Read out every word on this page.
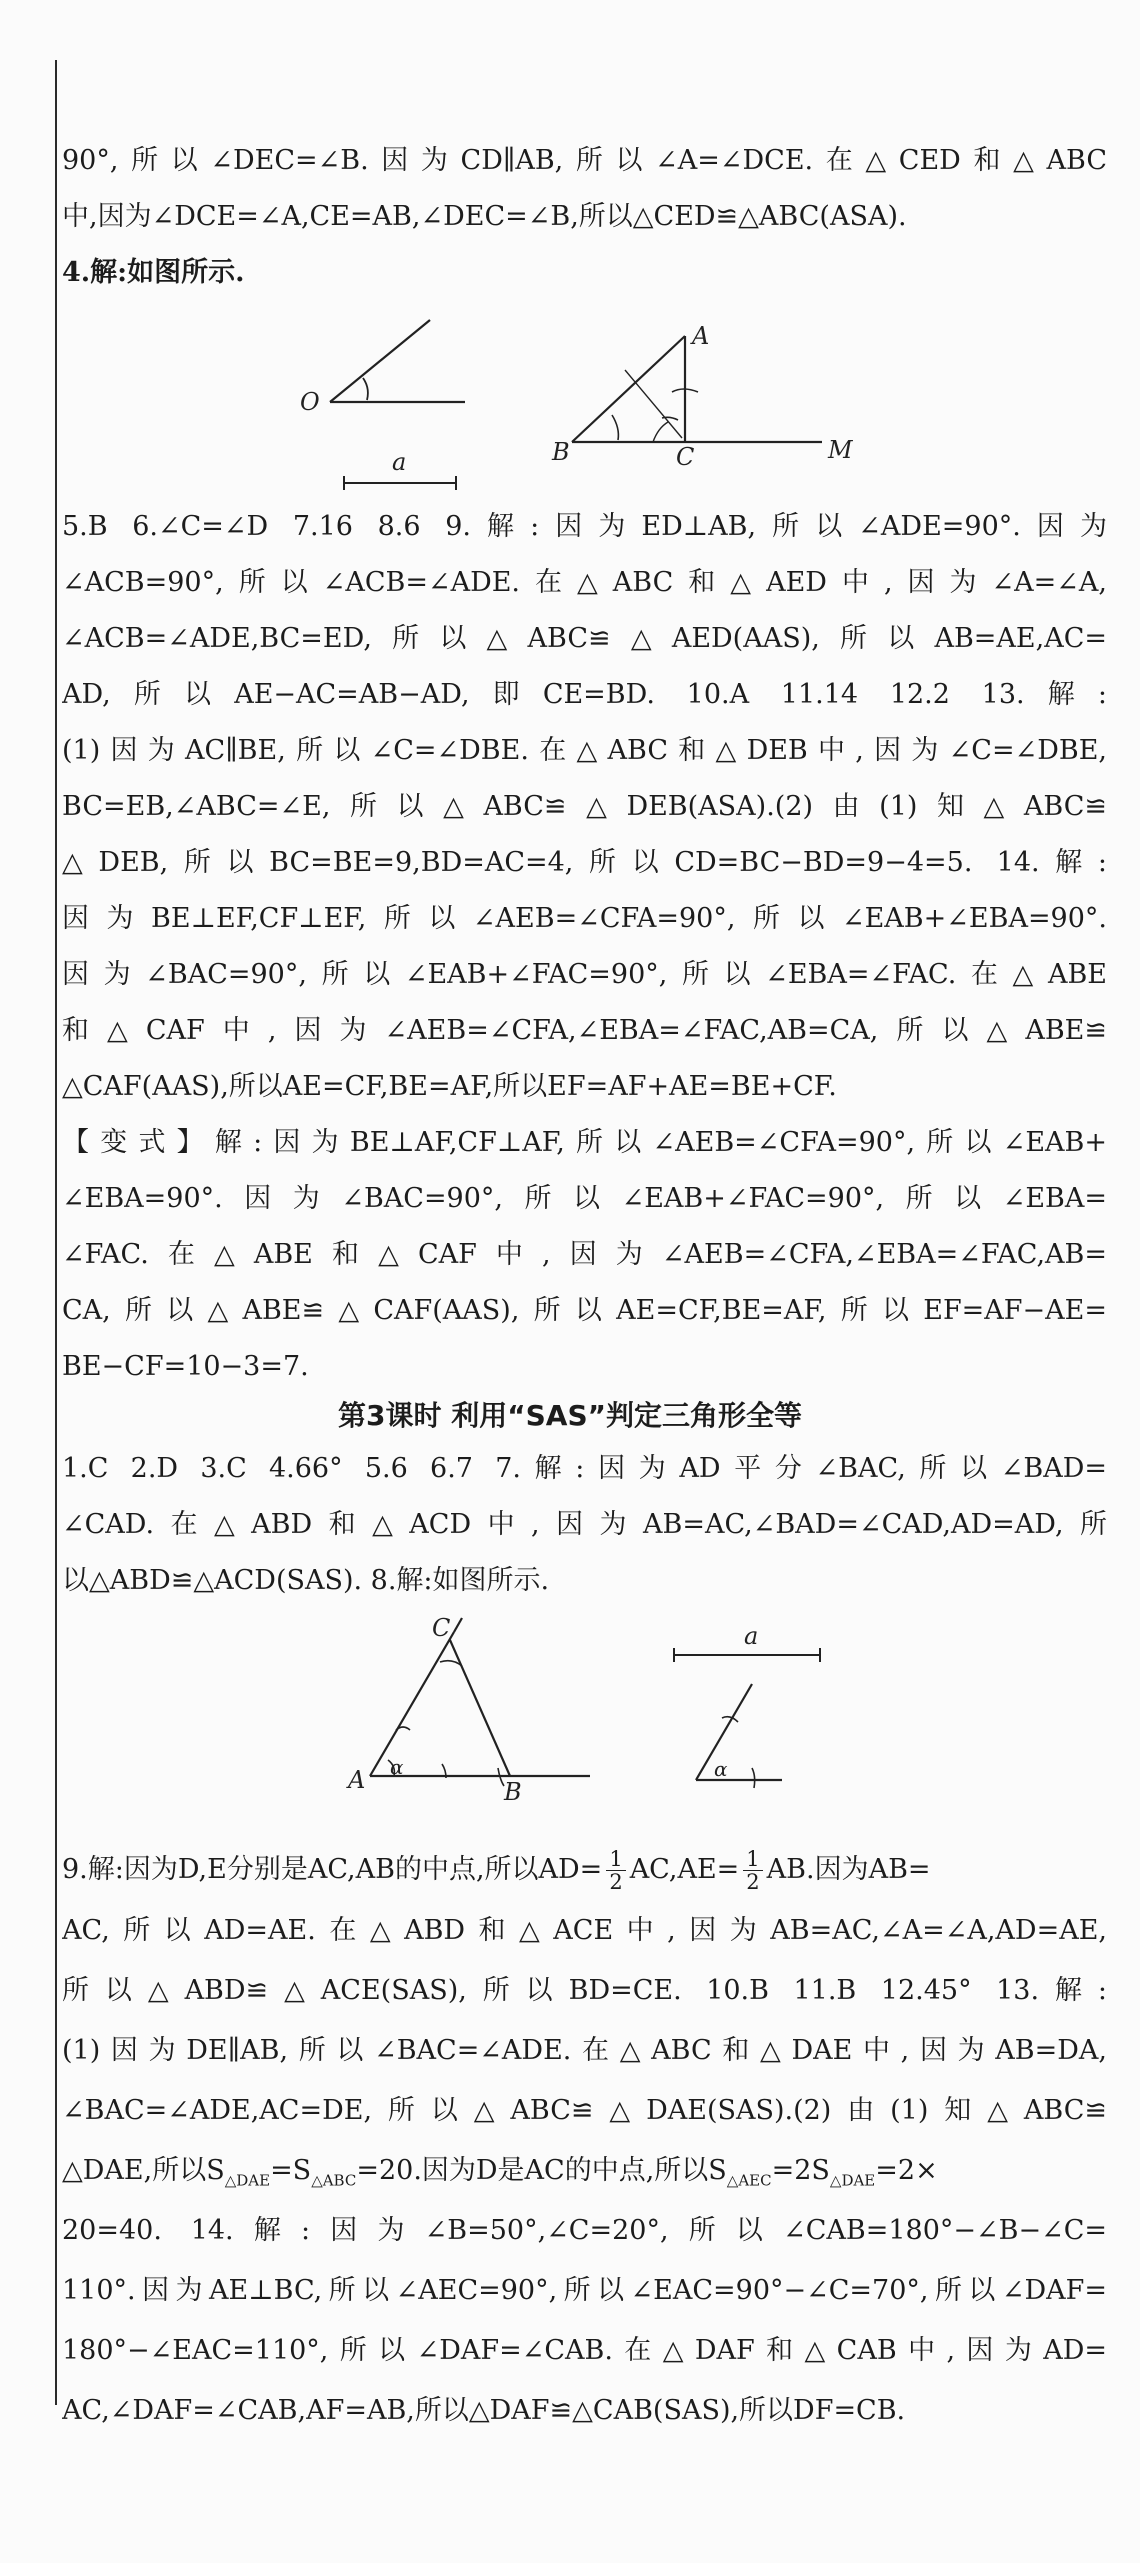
90°,所以∠DEC=∠B.因为CD∥AB,所以∠A=∠DCE.在△CED和△ABC
中,因为∠DCE=∠A,CE=AB,∠DEC=∠B,所以△CED≌△ABC(ASA).
4.解:如图所示.
O
a
A
B	C	M
5.B 6.∠C=∠D 7.16 8.6 9.解:因为ED⊥AB,所以∠ADE=90°.因为
∠ACB=90°,所以∠ACB=∠ADE.在△ABC和△AED中,因为∠A=∠A,
∠ACB=∠ADE,BC=ED,所以△ABC≌△AED(AAS),所以AB=AE,AC=
AD,所以AE−AC=AB−AD,即CE=BD. 10.A 11.14 12.2 13.解:
(1)因为AC∥BE,所以∠C=∠DBE.在△ABC和△DEB中,因为∠C=∠DBE,
BC=EB,∠ABC=∠E,所以△ABC≌△DEB(ASA).(2)由(1)知△ABC≌
△DEB,所以BC=BE=9,BD=AC=4,所以CD=BC−BD=9−4=5. 14.解:
因为BE⊥EF,CF⊥EF,所以∠AEB=∠CFA=90°,所以∠EAB+∠EBA=90°.
因为∠BAC=90°,所以∠EAB+∠FAC=90°,所以∠EBA=∠FAC.在△ABE
和△CAF中,因为∠AEB=∠CFA,∠EBA=∠FAC,AB=CA,所以△ABE≌
△CAF(AAS),所以AE=CF,BE=AF,所以EF=AF+AE=BE+CF.
【变式】解:因为BE⊥AF,CF⊥AF,所以∠AEB=∠CFA=90°,所以∠EAB+
∠EBA=90°.因为∠BAC=90°,所以∠EAB+∠FAC=90°,所以∠EBA=
∠FAC.在△ABE和△CAF中,因为∠AEB=∠CFA,∠EBA=∠FAC,AB=
CA,所以△ABE≌△CAF(AAS),所以AE=CF,BE=AF,所以EF=AF−AE=
BE−CF=10−3=7.
第3课时 利用“SAS”判定三角形全等
1.C 2.D 3.C 4.66° 5.6 6.7 7.解:因为AD平分∠BAC,所以∠BAD=
∠CAD.在△ABD和△ACD中,因为AB=AC,∠BAD=∠CAD,AD=AD,所
以△ABD≌△ACD(SAS). 8.解:如图所示.
C
A	B
α
a
α
9.解:因为D,E分别是AC,AB的中点,所以$AD= \frac{1}{2} AC,AE= \frac{1}{2}$ AB.因为AB=
AC,所以AD=AE.在△ABD和△ACE中,因为AB=AC,∠A=∠A,AD=AE,
所以△ABD≌△ACE(SAS),所以BD=CE. 10.B 11.B 12.45° 13.解:
(1)因为DE∥AB,所以∠BAC=∠ADE.在△ABC和△DAE中,因为AB=DA,
∠BAC=∠ADE,AC=DE,所以△ABC≌△DAE(SAS).(2)由(1)知△ABC≌
△DAE,所以$S_{\triangle DAE}=S_{\triangle ABC}=20$.因为D是AC的中点,所以$S_{\triangle AEC}=2S_{\triangle DAE}=2\times$
20=40. 14.解:因为∠B=50°,∠C=20°,所以∠CAB=180°−∠B−∠C=
110°.因为AE⊥BC,所以∠AEC=90°,所以∠EAC=90°−∠C=70°,所以∠DAF=
180°−∠EAC=110°,所以∠DAF=∠CAB.在△DAF和△CAB中,因为AD=
AC,∠DAF=∠CAB,AF=AB,所以△DAF≌△CAB(SAS),所以DF=CB.
